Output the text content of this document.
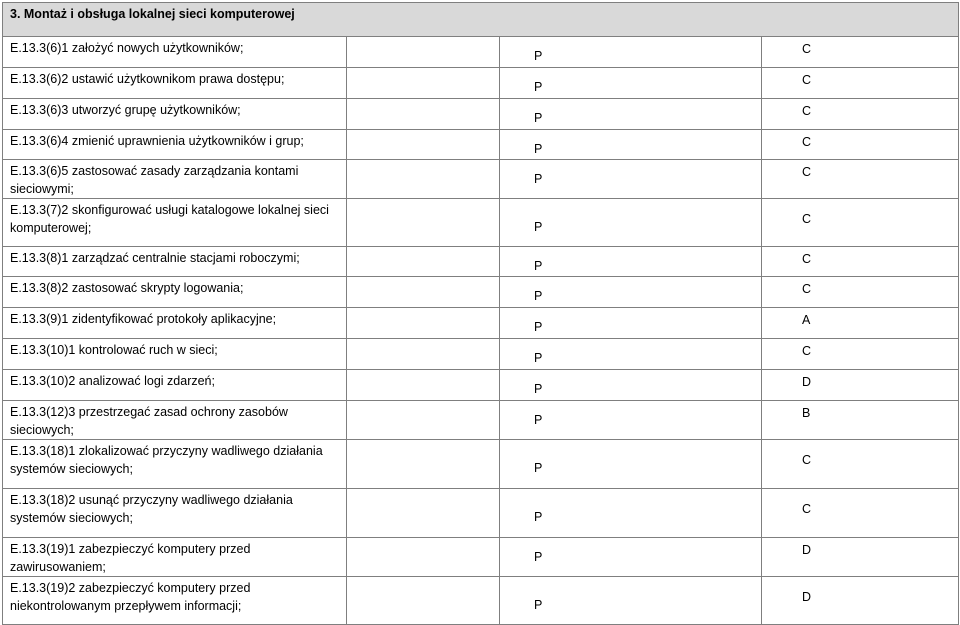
3. Montaż i obsługa lokalnej sieci komputerowej			
E.13.3(6)1 założyć nowych użytkowników;		P	C

E.13.3(6)2 ustawić użytkownikom prawa dostępu;		P	C

E.13.3(6)3 utworzyć grupę użytkowników;		P	C

E.13.3(6)4 zmienić uprawnienia użytkowników i grup;		P	C

E.13.3(6)5 zastosować zasady zarządzania kontami sieciowymi;		P	C

E.13.3(7)2 skonfigurować usługi katalogowe lokalnej sieci komputerowej;		P	C

E.13.3(8)1 zarządzać centralnie stacjami roboczymi;		P	C

E.13.3(8)2 zastosować skrypty logowania;		P	C

E.13.3(9)1 zidentyfikować protokoły aplikacyjne;		P	A

E.13.3(10)1 kontrolować ruch w sieci;		P	C

E.13.3(10)2 analizować logi zdarzeń;		P	D

E.13.3(12)3 przestrzegać zasad ochrony zasobów sieciowych;		P	B

E.13.3(18)1 zlokalizować przyczyny wadliwego działania systemów sieciowych;		P	C

E.13.3(18)2 usunąć przyczyny wadliwego działania systemów sieciowych;		P	C

E.13.3(19)1 zabezpieczyć komputery przed zawirusowaniem;		P	D

E.13.3(19)2 zabezpieczyć komputery przed niekontrolowanym przepływem informacji;		P	D
